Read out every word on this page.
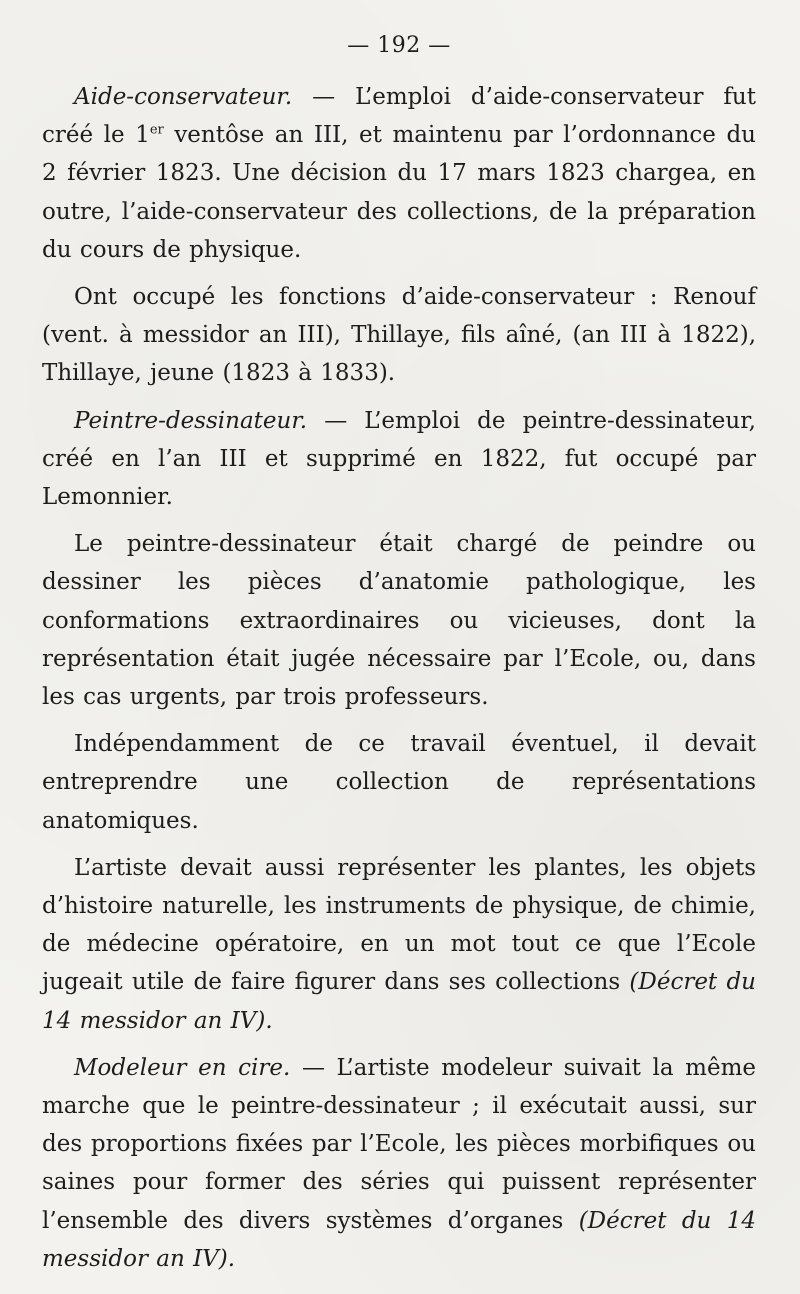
— 192 —

Aide-conservateur. — L’emploi d’aide-conservateur fut créé le 1er ventôse an III, et maintenu par l’ordonnance du 2 février 1823. Une décision du 17 mars 1823 chargea, en outre, l’aide-conservateur des collections, de la préparation du cours de physique.

Ont occupé les fonctions d’aide-conservateur : Renouf (vent. à messidor an III), Thillaye, fils aîné, (an III à 1822), Thillaye, jeune (1823 à 1833).

Peintre-dessinateur. — L’emploi de peintre-dessinateur, créé en l’an III et supprimé en 1822, fut occupé par Lemonnier.

Le peintre-dessinateur était chargé de peindre ou dessiner les pièces d’anatomie pathologique, les conformations extraordinaires ou vicieuses, dont la représentation était jugée nécessaire par l’Ecole, ou, dans les cas urgents, par trois professeurs.

Indépendamment de ce travail éventuel, il devait entreprendre une collection de représentations anatomiques.

L’artiste devait aussi représenter les plantes, les objets d’histoire naturelle, les instruments de physique, de chimie, de médecine opératoire, en un mot tout ce que l’Ecole jugeait utile de faire figurer dans ses collections (Décret du 14 messidor an IV).

Modeleur en cire. — L’artiste modeleur suivait la même marche que le peintre-dessinateur ; il exécutait aussi, sur des proportions fixées par l’Ecole, les pièces morbifiques ou saines pour former des séries qui puissent représenter l’ensemble des divers systèmes d’organes (Décret du 14 messidor an IV).
